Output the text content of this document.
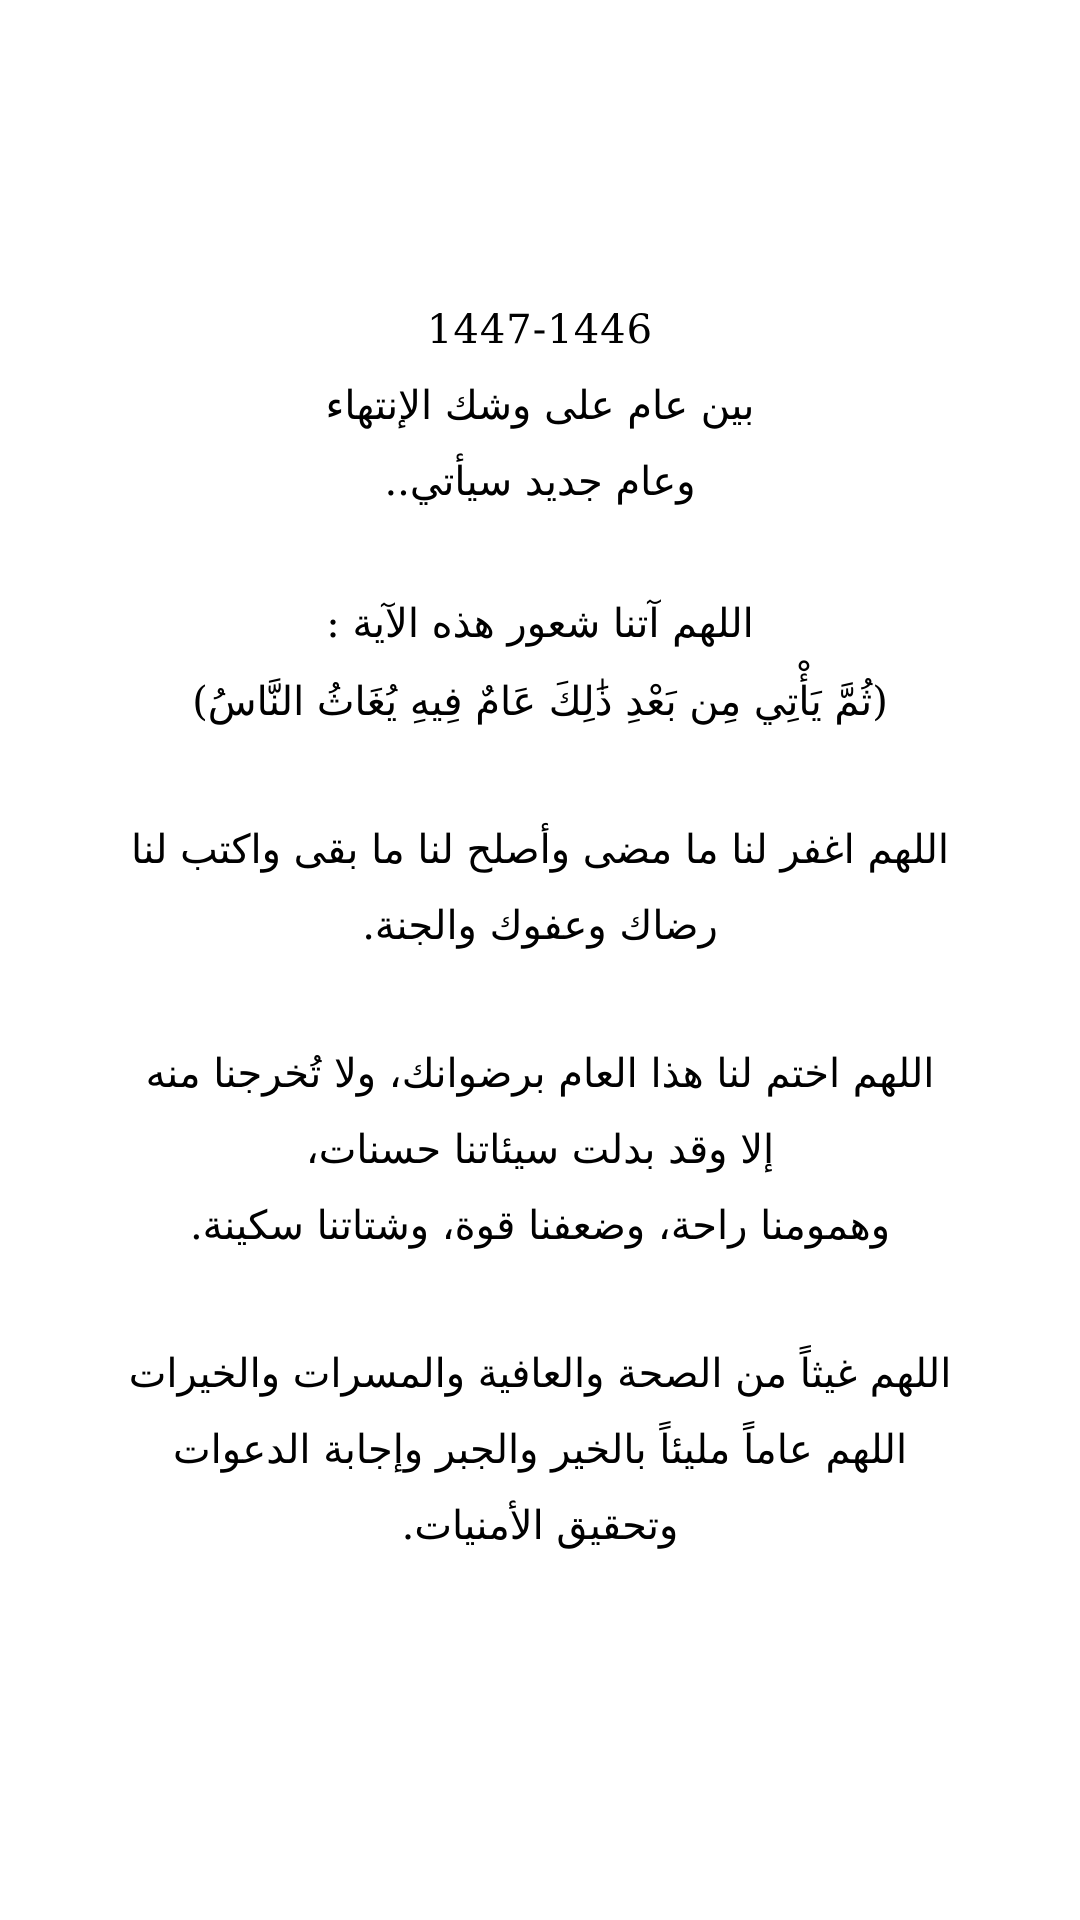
1447-1446
بين عام على وشك الإنتهاء
وعام جديد سيأتي..
اللهم آتنا شعور هذه الآية :
(ثُمَّ يَأْتِي مِن بَعْدِ ذَٰلِكَ عَامٌ فِيهِ يُغَاثُ النَّاسُ)
اللهم اغفر لنا ما مضى وأصلح لنا ما بقى واكتب لنا
رضاك وعفوك والجنة.
اللهم اختم لنا هذا العام برضوانك، ولا تُخرجنا منه
إلا وقد بدلت سيئاتنا حسنات،
وهمومنا راحة، وضعفنا قوة، وشتاتنا سكينة.
اللهم غيثاً من الصحة والعافية والمسرات والخيرات
اللهم عاماً مليئاً بالخير والجبر وإجابة الدعوات
وتحقيق الأمنيات.
